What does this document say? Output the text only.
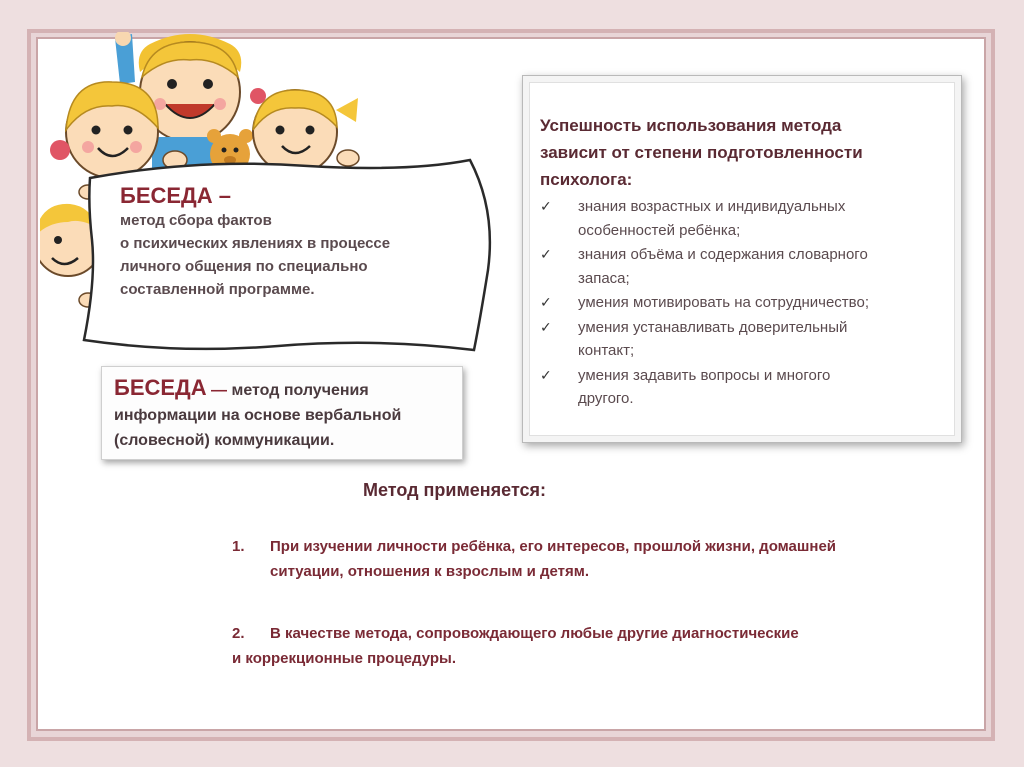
БЕСЕДА –
метод сбора фактов
о психических явлениях в процессе
личного общения по специально
составленной программе.
БЕСЕДА — метод получения
информации на основе вербальной
(словесной) коммуникации.
Успешность использования метода
зависит от степени подготовленности
психолога:
✓ знания возрастных и индивидуальных
особенностей ребёнка;
✓ знания объёма и содержания словарного
запаса;
✓ умения мотивировать на сотрудничество;
✓ умения устанавливать доверительный
контакт;
✓ умения задавить вопросы и многого
другого.
Метод применяется:
1. При изучении личности ребёнка, его интересов, прошлой жизни, домашней
ситуации, отношения к взрослым и детям.
2. В качестве метода, сопровождающего любые другие диагностические
и коррекционные процедуры.
